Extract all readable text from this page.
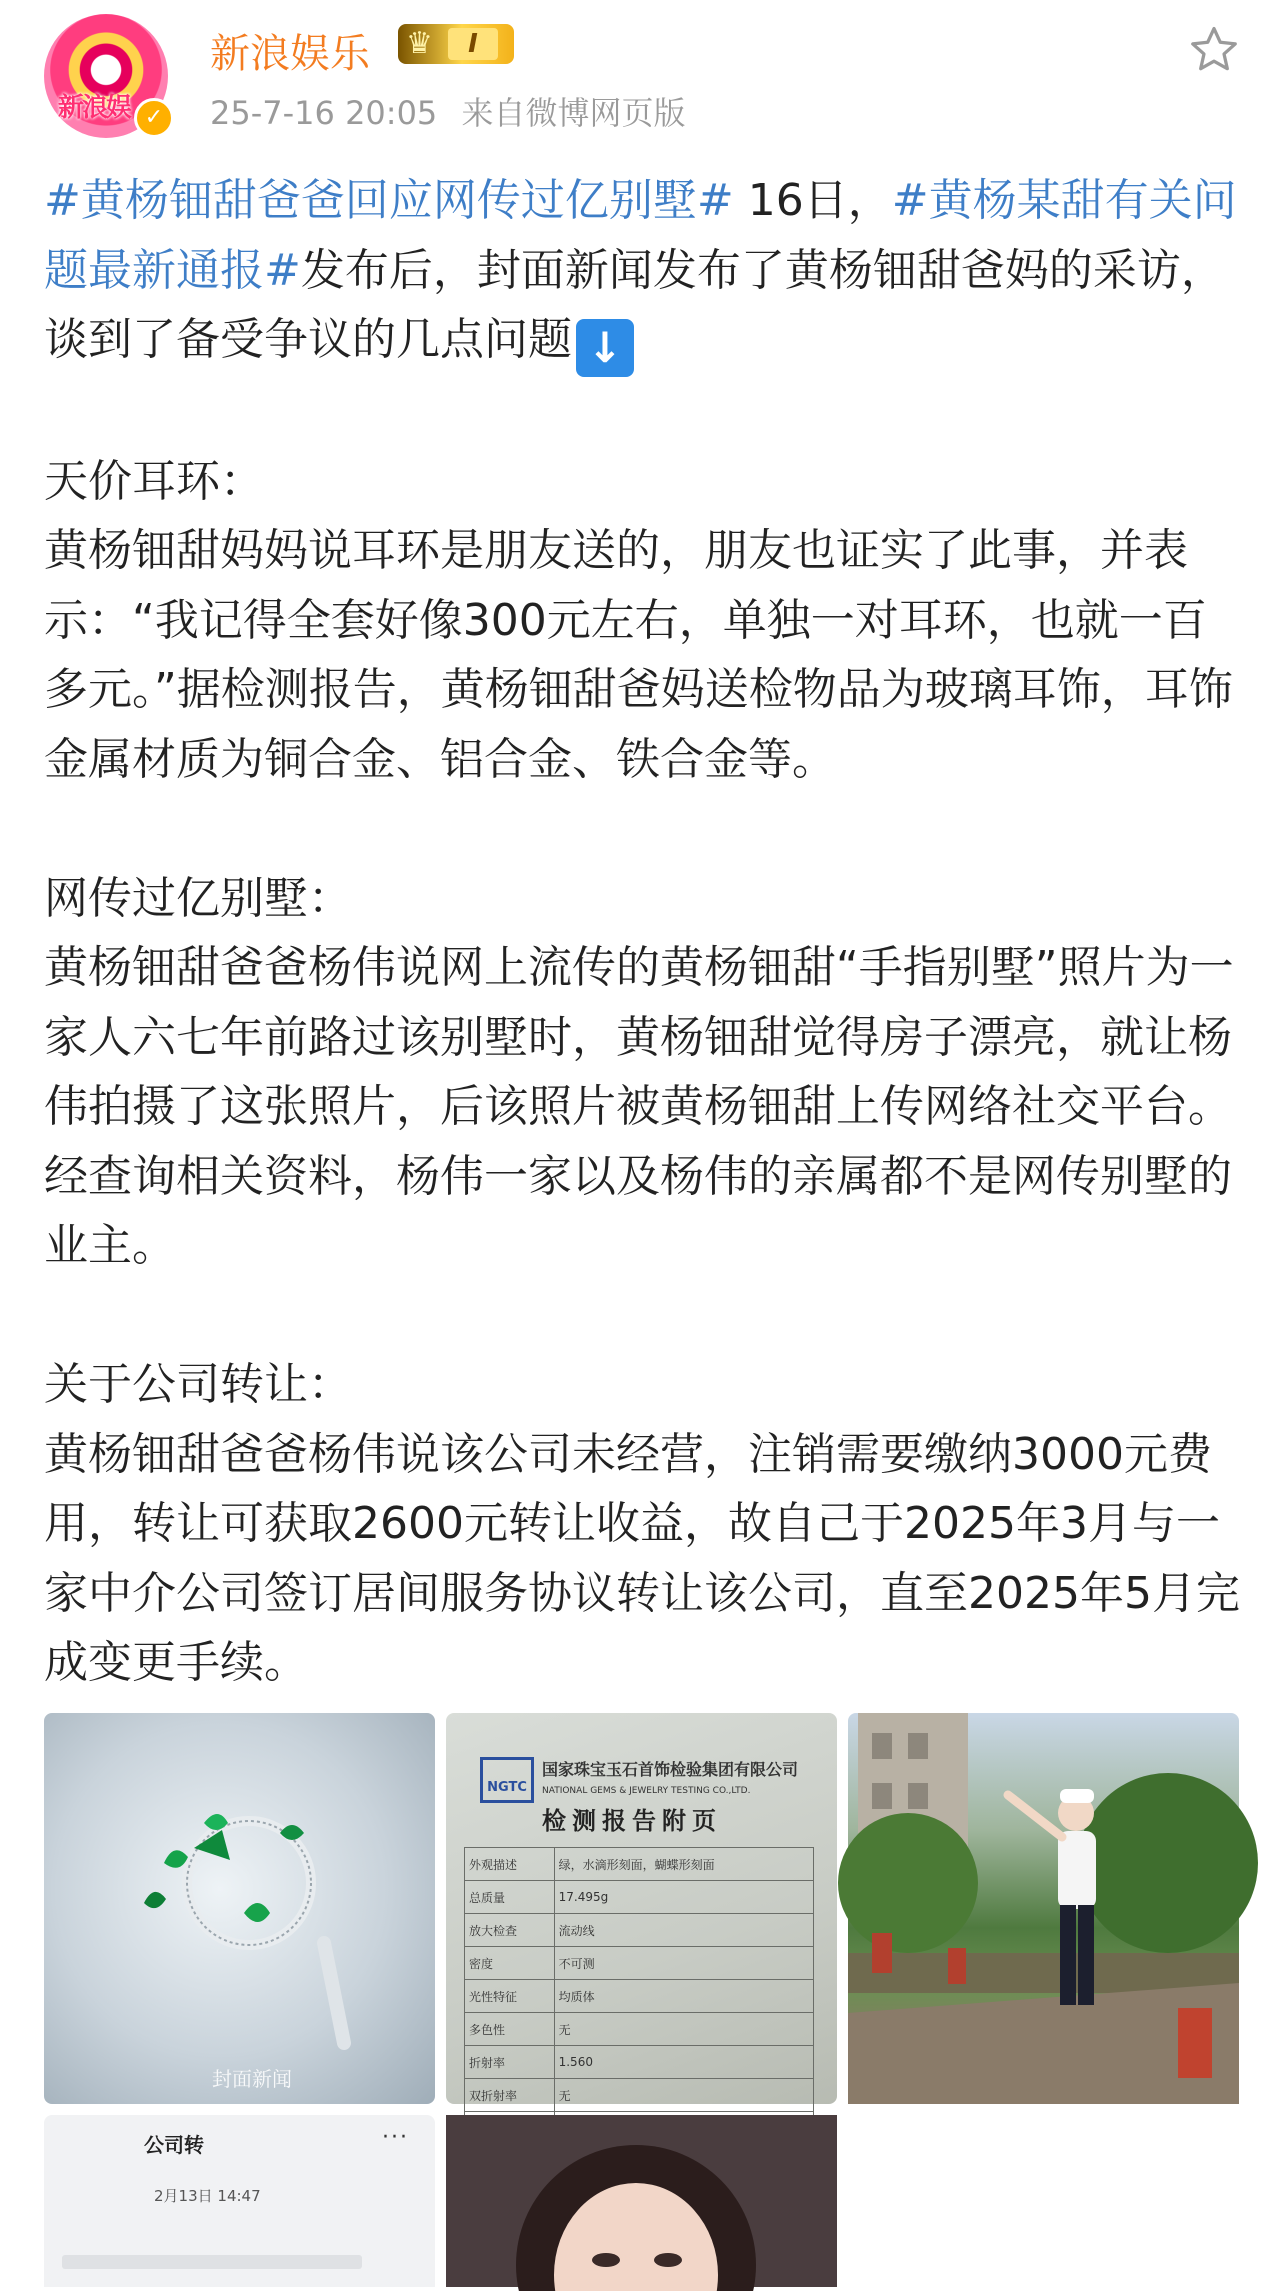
新浪娱 ✓
新浪娱乐 ♛	I
25-7-16 20:05 来自微博网页版

#黄杨钿甜爸爸回应网传过亿别墅# 16日，#黄杨某甜有关问题最新通报#发布后，封面新闻发布了黄杨钿甜爸妈的采访，谈到了备受争议的几点问题 ↓

天价耳环：

黄杨钿甜妈妈说耳环是朋友送的，朋友也证实了此事，并表示：“我记得全套好像300元左右，单独一对耳环，也就一百多元。”据检测报告，黄杨钿甜爸妈送检物品为玻璃耳饰，耳饰金属材质为铜合金、铝合金、铁合金等。

网传过亿别墅：

黄杨钿甜爸爸杨伟说网上流传的黄杨钿甜“手指别墅”照片为一家人六七年前路过该别墅时，黄杨钿甜觉得房子漂亮，就让杨伟拍摄了这张照片，后该照片被黄杨钿甜上传网络社交平台。经查询相关资料，杨伟一家以及杨伟的亲属都不是网传别墅的业主。

关于公司转让：

黄杨钿甜爸爸杨伟说该公司未经营，注销需要缴纳3000元费用，转让可获取2600元转让收益，故自己于2025年3月与一家中介公司签订居间服务协议转让该公司，直至2025年5月完成变更手续。

封面新闻
NGTC
国家珠宝玉石首饰检验集团有限公司
NATIONAL GEMS & JEWELRY TESTING CO.,LTD.
检测报告附页
外观描述	绿，水滴形刻面，蝴蝶形刻面
总质量	17.495g
放大检查	流动线
密度	不可测
光性特征	均质体
多色性	无
折射率	1.560
双折射率	无

公司转	···
2月13日 14:47
